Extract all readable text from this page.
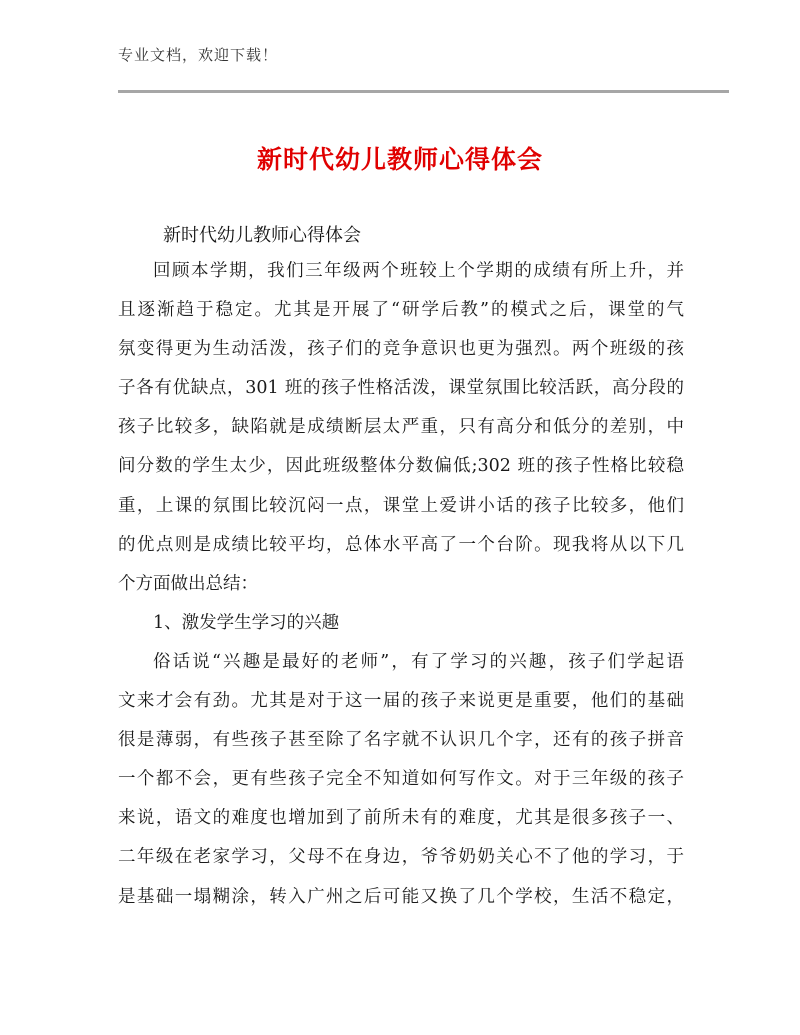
专业文档，欢迎下载！
新时代幼儿教师心得体会
新时代幼儿教师心得体会
回顾本学期，我们三年级两个班较上个学期的成绩有所上升，并
且逐渐趋于稳定。尤其是开展了“研学后教”的模式之后，课堂的气
氛变得更为生动活泼，孩子们的竞争意识也更为强烈。两个班级的孩
子各有优缺点，301 班的孩子性格活泼，课堂氛围比较活跃，高分段的
孩子比较多，缺陷就是成绩断层太严重，只有高分和低分的差别，中
间分数的学生太少，因此班级整体分数偏低;302 班的孩子性格比较稳
重，上课的氛围比较沉闷一点，课堂上爱讲小话的孩子比较多，他们
的优点则是成绩比较平均，总体水平高了一个台阶。现我将从以下几
个方面做出总结：
1、激发学生学习的兴趣
俗话说“兴趣是最好的老师”，有了学习的兴趣，孩子们学起语
文来才会有劲。尤其是对于这一届的孩子来说更是重要，他们的基础
很是薄弱，有些孩子甚至除了名字就不认识几个字，还有的孩子拼音
一个都不会，更有些孩子完全不知道如何写作文。对于三年级的孩子
来说，语文的难度也增加到了前所未有的难度，尤其是很多孩子一、
二年级在老家学习，父母不在身边，爷爷奶奶关心不了他的学习，于
是基础一塌糊涂，转入广州之后可能又换了几个学校，生活不稳定，
